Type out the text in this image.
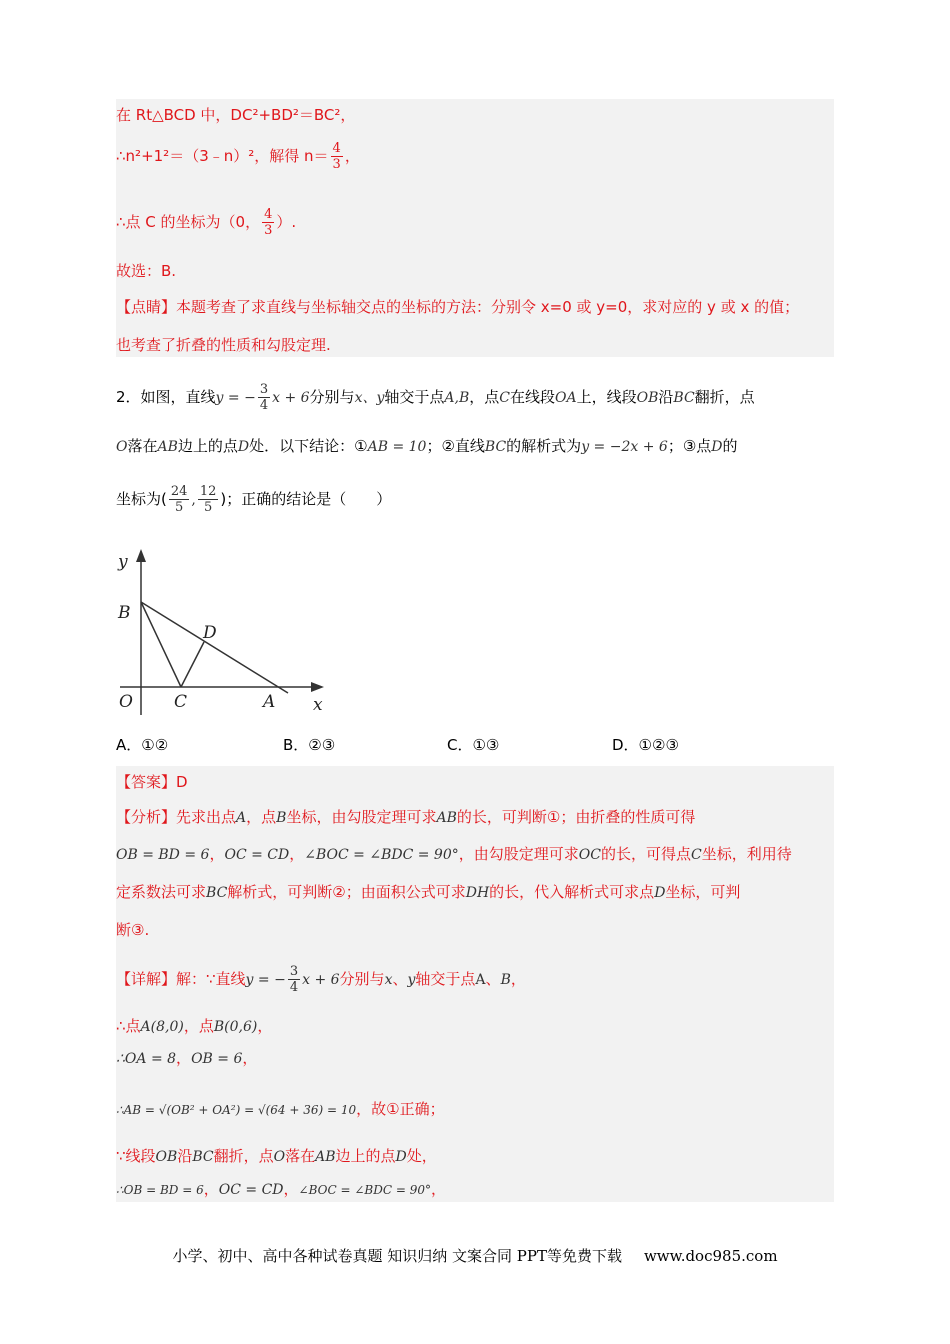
在 Rt△BCD 中，DC²+BD²＝BC²，
∴n²+1²＝（3﹣n）²，解得 $n= \frac{4}{3}$ ，
∴点 C 的坐标为（0， $\frac{4}{3}$ ）.
故选：B.
【点睛】本题考查了求直线与坐标轴交点的坐标的方法：分别令 x=0 或 y=0，求对应的 y 或 x 的值；
也考查了折叠的性质和勾股定理.
2．如图，直线y = − $\frac{3}{4}$ x + 6分别与x、y轴交于点A,B，点C在线段OA上，线段OB沿BC翻折，点
O落在AB边上的点D处．以下结论：①AB = 10；②直线BC的解析式为y = −2x + 6；③点D的
坐标为( $\frac{24}{5}$ , $\frac{12}{5}$ )；正确的结论是（　　）
y
B
D
O C	A x
A．①②	B．②③	C．①③	D．①②③
【答案】D
【分析】先求出点A，点B坐标，由勾股定理可求AB的长，可判断①；由折叠的性质可得
OB = BD = 6，OC = CD，∠BOC = ∠BDC = 90°，由勾股定理可求OC的长，可得点C坐标，利用待
定系数法可求BC解析式，可判断②；由面积公式可求DH的长，代入解析式可求点D坐标，可判
断③.
【详解】解：∵直线y = − $\frac{3}{4}$ x + 6分别与x、y轴交于点A、B，
∴点A(8,0)，点B(0,6)，
∴OA = 8，OB = 6，
∴AB = √(OB² + OA²) = √(64 + 36) = 10，故①正确；
∵线段OB沿BC翻折，点O落在AB边上的点D处，
∴OB = BD = 6，OC = CD，∠BOC = ∠BDC = 90°，
小学、初中、高中各种试卷真题 知识归纳 文案合同 PPT等免费下载 www.doc985.com
